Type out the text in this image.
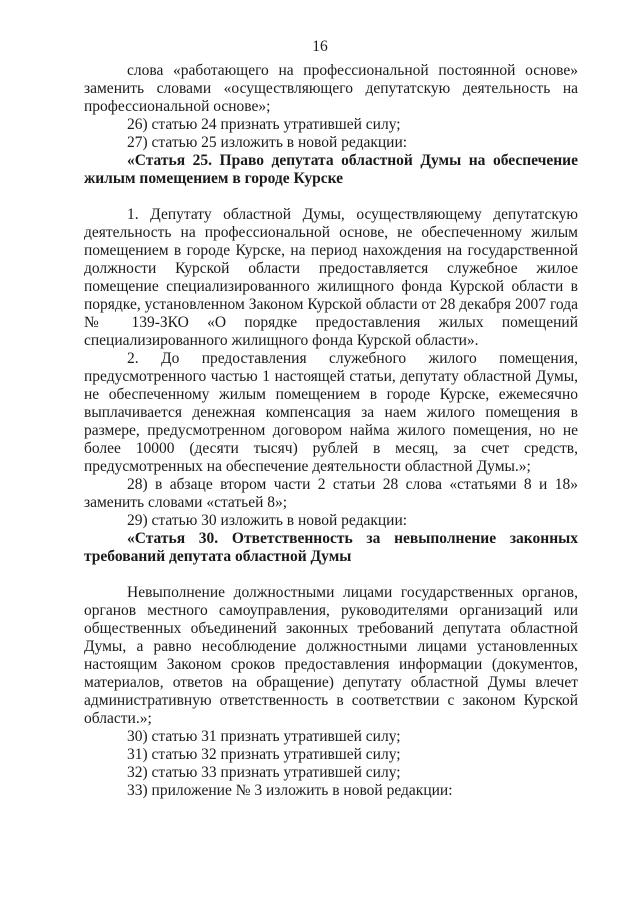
16

слова «работающего на профессиональной постоянной основе» заменить словами «осуществляющего депутатскую деятельность на профессиональной основе»;

26) статью 24 признать утратившей силу;

27) статью 25 изложить в новой редакции:

«Статья 25. Право депутата областной Думы на обеспечение жилым помещением в городе Курске

1. Депутату областной Думы, осуществляющему депутатскую деятельность на профессиональной основе, не обеспеченному жилым помещением в городе Курске, на период нахождения на государственной должности Курской области предоставляется служебное жилое помещение специализированного жилищного фонда Курской области в порядке, установленном Законом Курской области от 28 декабря 2007 года № 139-ЗКО «О порядке предоставления жилых помещений специализированного жилищного фонда Курской области».

2. До предоставления служебного жилого помещения, предусмотренного частью 1 настоящей статьи, депутату областной Думы, не обеспеченному жилым помещением в городе Курске, ежемесячно выплачивается денежная компенсация за наем жилого помещения в размере, предусмотренном договором найма жилого помещения, но не более 10000 (десяти тысяч) рублей в месяц, за счет средств, предусмотренных на обеспечение деятельности областной Думы.»;

28) в абзаце втором части 2 статьи 28 слова «статьями 8 и 18» заменить словами «статьей 8»;

29) статью 30 изложить в новой редакции:

«Статья 30. Ответственность за невыполнение законных требований депутата областной Думы

Невыполнение должностными лицами государственных органов, органов местного самоуправления, руководителями организаций или общественных объединений законных требований депутата областной Думы, а равно несоблюдение должностными лицами установленных настоящим Законом сроков предоставления информации (документов, материалов, ответов на обращение) депутату областной Думы влечет административную ответственность в соответствии с законом Курской области.»;

30) статью 31 признать утратившей силу;

31) статью 32 признать утратившей силу;

32) статью 33 признать утратившей силу;

33) приложение № 3 изложить в новой редакции:
